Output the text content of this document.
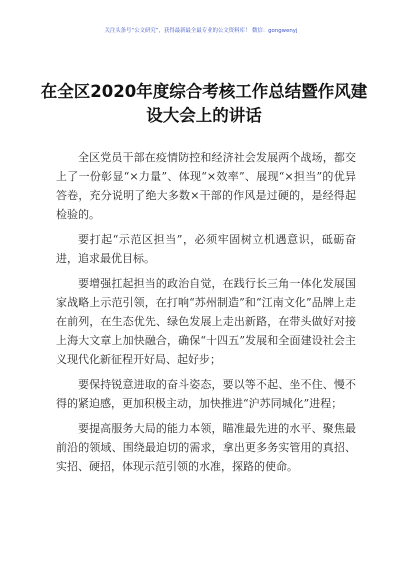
关注头条号“公文研究”，获得最新最全最专业的公文资料库！ 微信：gongwenyj
在全区2020年度综合考核工作总结暨作风建设大会上的讲话

全区党员干部在疫情防控和经济社会发展两个战场，都交上了一份彰显“×力量”、体现“×效率”、展现“×担当”的优异答卷，充分说明了绝大多数×干部的作风是过硬的，是经得起检验的。

要打起“示范区担当”，必须牢固树立机遇意识，砥砺奋进，追求最优目标。

要增强扛起担当的政治自觉，在践行长三角一体化发展国家战略上示范引领，在打响“苏州制造”和“江南文化”品牌上走在前列，在生态优先、绿色发展上走出新路，在带头做好对接上海大文章上加快融合，确保“十四五”发展和全面建设社会主义现代化新征程开好局、起好步；

要保持锐意进取的奋斗姿态，要以等不起、坐不住、慢不得的紧迫感，更加积极主动，加快推进“沪苏同城化”进程；

要提高服务大局的能力本领，瞄准最先进的水平、聚焦最前沿的领域、围绕最迫切的需求，拿出更多务实管用的真招、实招、硬招，体现示范引领的水准，探路的使命。
